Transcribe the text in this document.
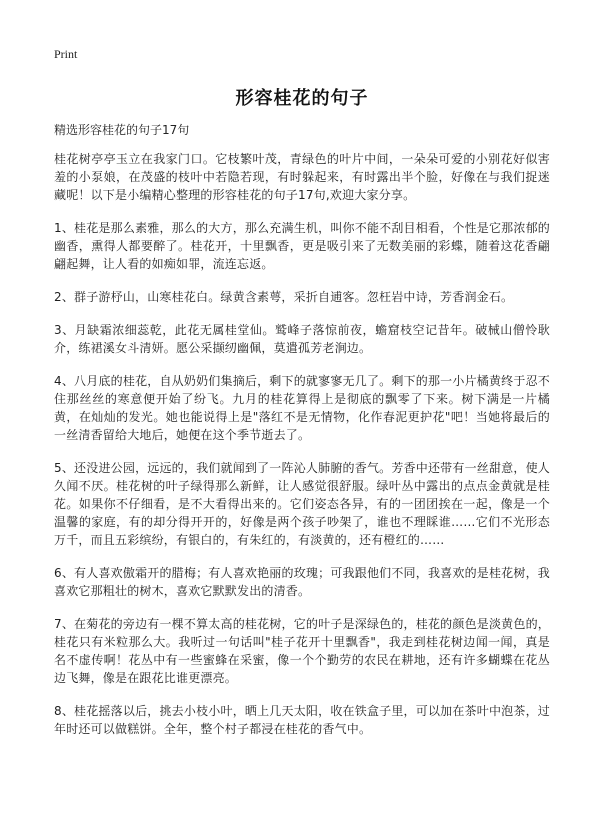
Print
形容桂花的句子

精选形容桂花的句子17句

桂花树亭亭玉立在我家门口。它枝繁叶茂，青绿色的叶片中间，一朵朵可爱的小别花好似害羞的小泵娘，在茂盛的枝叶中若隐若现，有时躲起来，有时露出半个脸，好像在与我们捉迷藏呢！以下是小编精心整理的形容桂花的句子17句,欢迎大家分享。

1、桂花是那么素雅，那么的大方，那么充满生机，叫你不能不刮目相看，个性是它那浓郁的幽香，熏得人都要醉了。桂花开，十里飘香，更是吸引来了无数美丽的彩蝶，随着这花香翩翩起舞，让人看的如痴如罪，流连忘返。

2、群子游杼山，山寒桂花白。绿黄含素萼，采折自逋客。忽枉岩中诗，芳香润金石。

3、月缺霜浓细蕊乾，此花无属桂堂仙。鹫峰子落惊前夜，蟾窟枝空记昔年。破械山僧怜耿介，练裙溪女斗清妍。愿公采撷纫幽佩，莫遣孤芳老涧边。

4、八月底的桂花，自从奶奶们集摘后，剩下的就寥寥无几了。剩下的那一小片橘黄终于忍不住那丝丝的寒意便开始了纷飞。九月的桂花算得上是彻底的飘零了下来。树下满是一片橘黄，在灿灿的发光。她也能说得上是"落红不是无情物，化作春泥更护花"吧！当她将最后的一丝清香留给大地后，她便在这个季节逝去了。

5、还没进公园，远远的，我们就闻到了一阵沁人肺腑的香气。芳香中还带有一丝甜意，使人久闻不厌。桂花树的叶子绿得那么新鲜，让人感觉很舒服。绿叶丛中露出的点点金黄就是桂花。如果你不仔细看，是不大看得出来的。它们姿态各异，有的一团团挨在一起，像是一个温馨的家庭，有的却分得开开的，好像是两个孩子吵架了，谁也不理睬谁……它们不光形态万千，而且五彩缤纷，有银白的，有朱红的，有淡黄的，还有橙红的……

6、有人喜欢傲霜开的腊梅；有人喜欢艳丽的玫瑰；可我跟他们不同，我喜欢的是桂花树，我喜欢它那粗壮的树木，喜欢它默默发出的清香。

7、在菊花的旁边有一棵不算太高的桂花树，它的叶子是深绿色的，桂花的颜色是淡黄色的，桂花只有米粒那么大。我听过一句话叫"桂子花开十里飘香"，我走到桂花树边闻一闻，真是名不虚传啊！花丛中有一些蜜蜂在采蜜，像一个个勤劳的农民在耕地，还有许多蝴蝶在花丛边飞舞，像是在跟花比谁更漂亮。

8、桂花摇落以后，挑去小枝小叶，晒上几天太阳，收在铁盒子里，可以加在茶叶中泡茶，过年时还可以做糕饼。全年，整个村子都浸在桂花的香气中。
